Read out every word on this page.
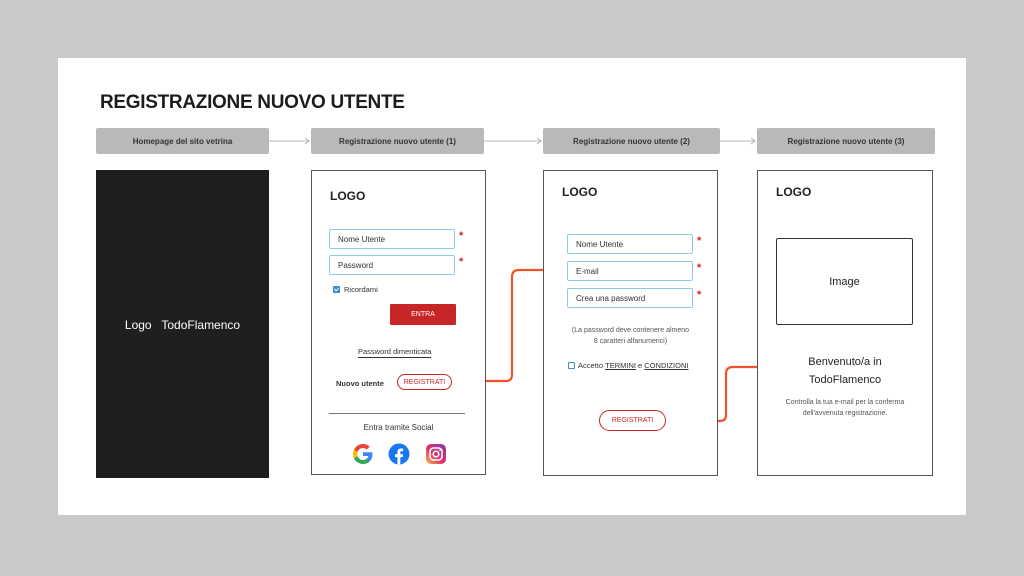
REGISTRAZIONE NUOVO UTENTE
Homepage del sito vetrina	Registrazione nuovo utente (1)	Registrazione nuovo utente (2)	Registrazione nuovo utente (3)
Logo   TodoFlamenco
LOGO
Nome Utente	*
Password	*
Ricordami
ENTRA
Password dimenticata
Nuovo utente	REGISTRATI
Entra tramite Social
LOGO
Nome Utente	*
E-mail	*
Crea una password	*
(La password deve contenere almeno
8 caratteri alfanumerici)
Accetto TERMINI e CONDIZIONI
REGISTRATI
LOGO
Image
Benvenuto/a in
TodoFlamenco
Controlla la tua e-mail per la conferma
dell'avvenuta registrazione.
